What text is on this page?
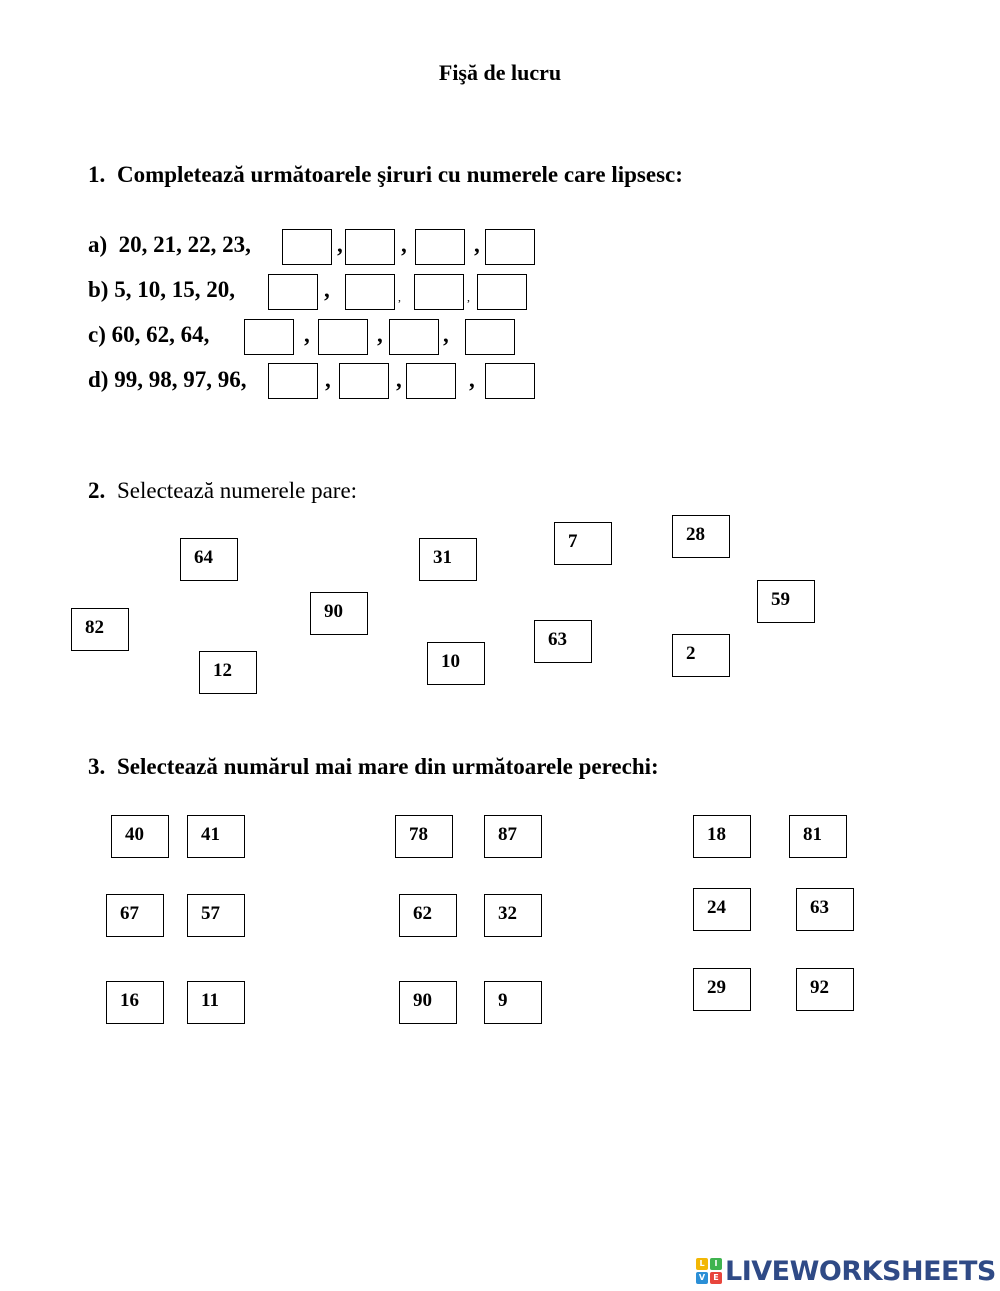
Fişă de lucru
1. Completează următoarele şiruri cu numerele care lipsesc:
a) 20, 21, 22, 23,	,	,	,
b) 5, 10, 15, 20,	,	,	,
c) 60, 62, 64,	,	,	,
d) 99, 98, 97, 96,	,	,	,
2. Selectează numerele pare:
64	31
7	28
59
90
82
63
2
12	10
3. Selectează numărul mai mare din următoarele perechi:
40	41	78	87	18	81
67	57	62	32	24	63
16	11	90	9
29	92
L	I
V	E LIVEWORKSHEETS
